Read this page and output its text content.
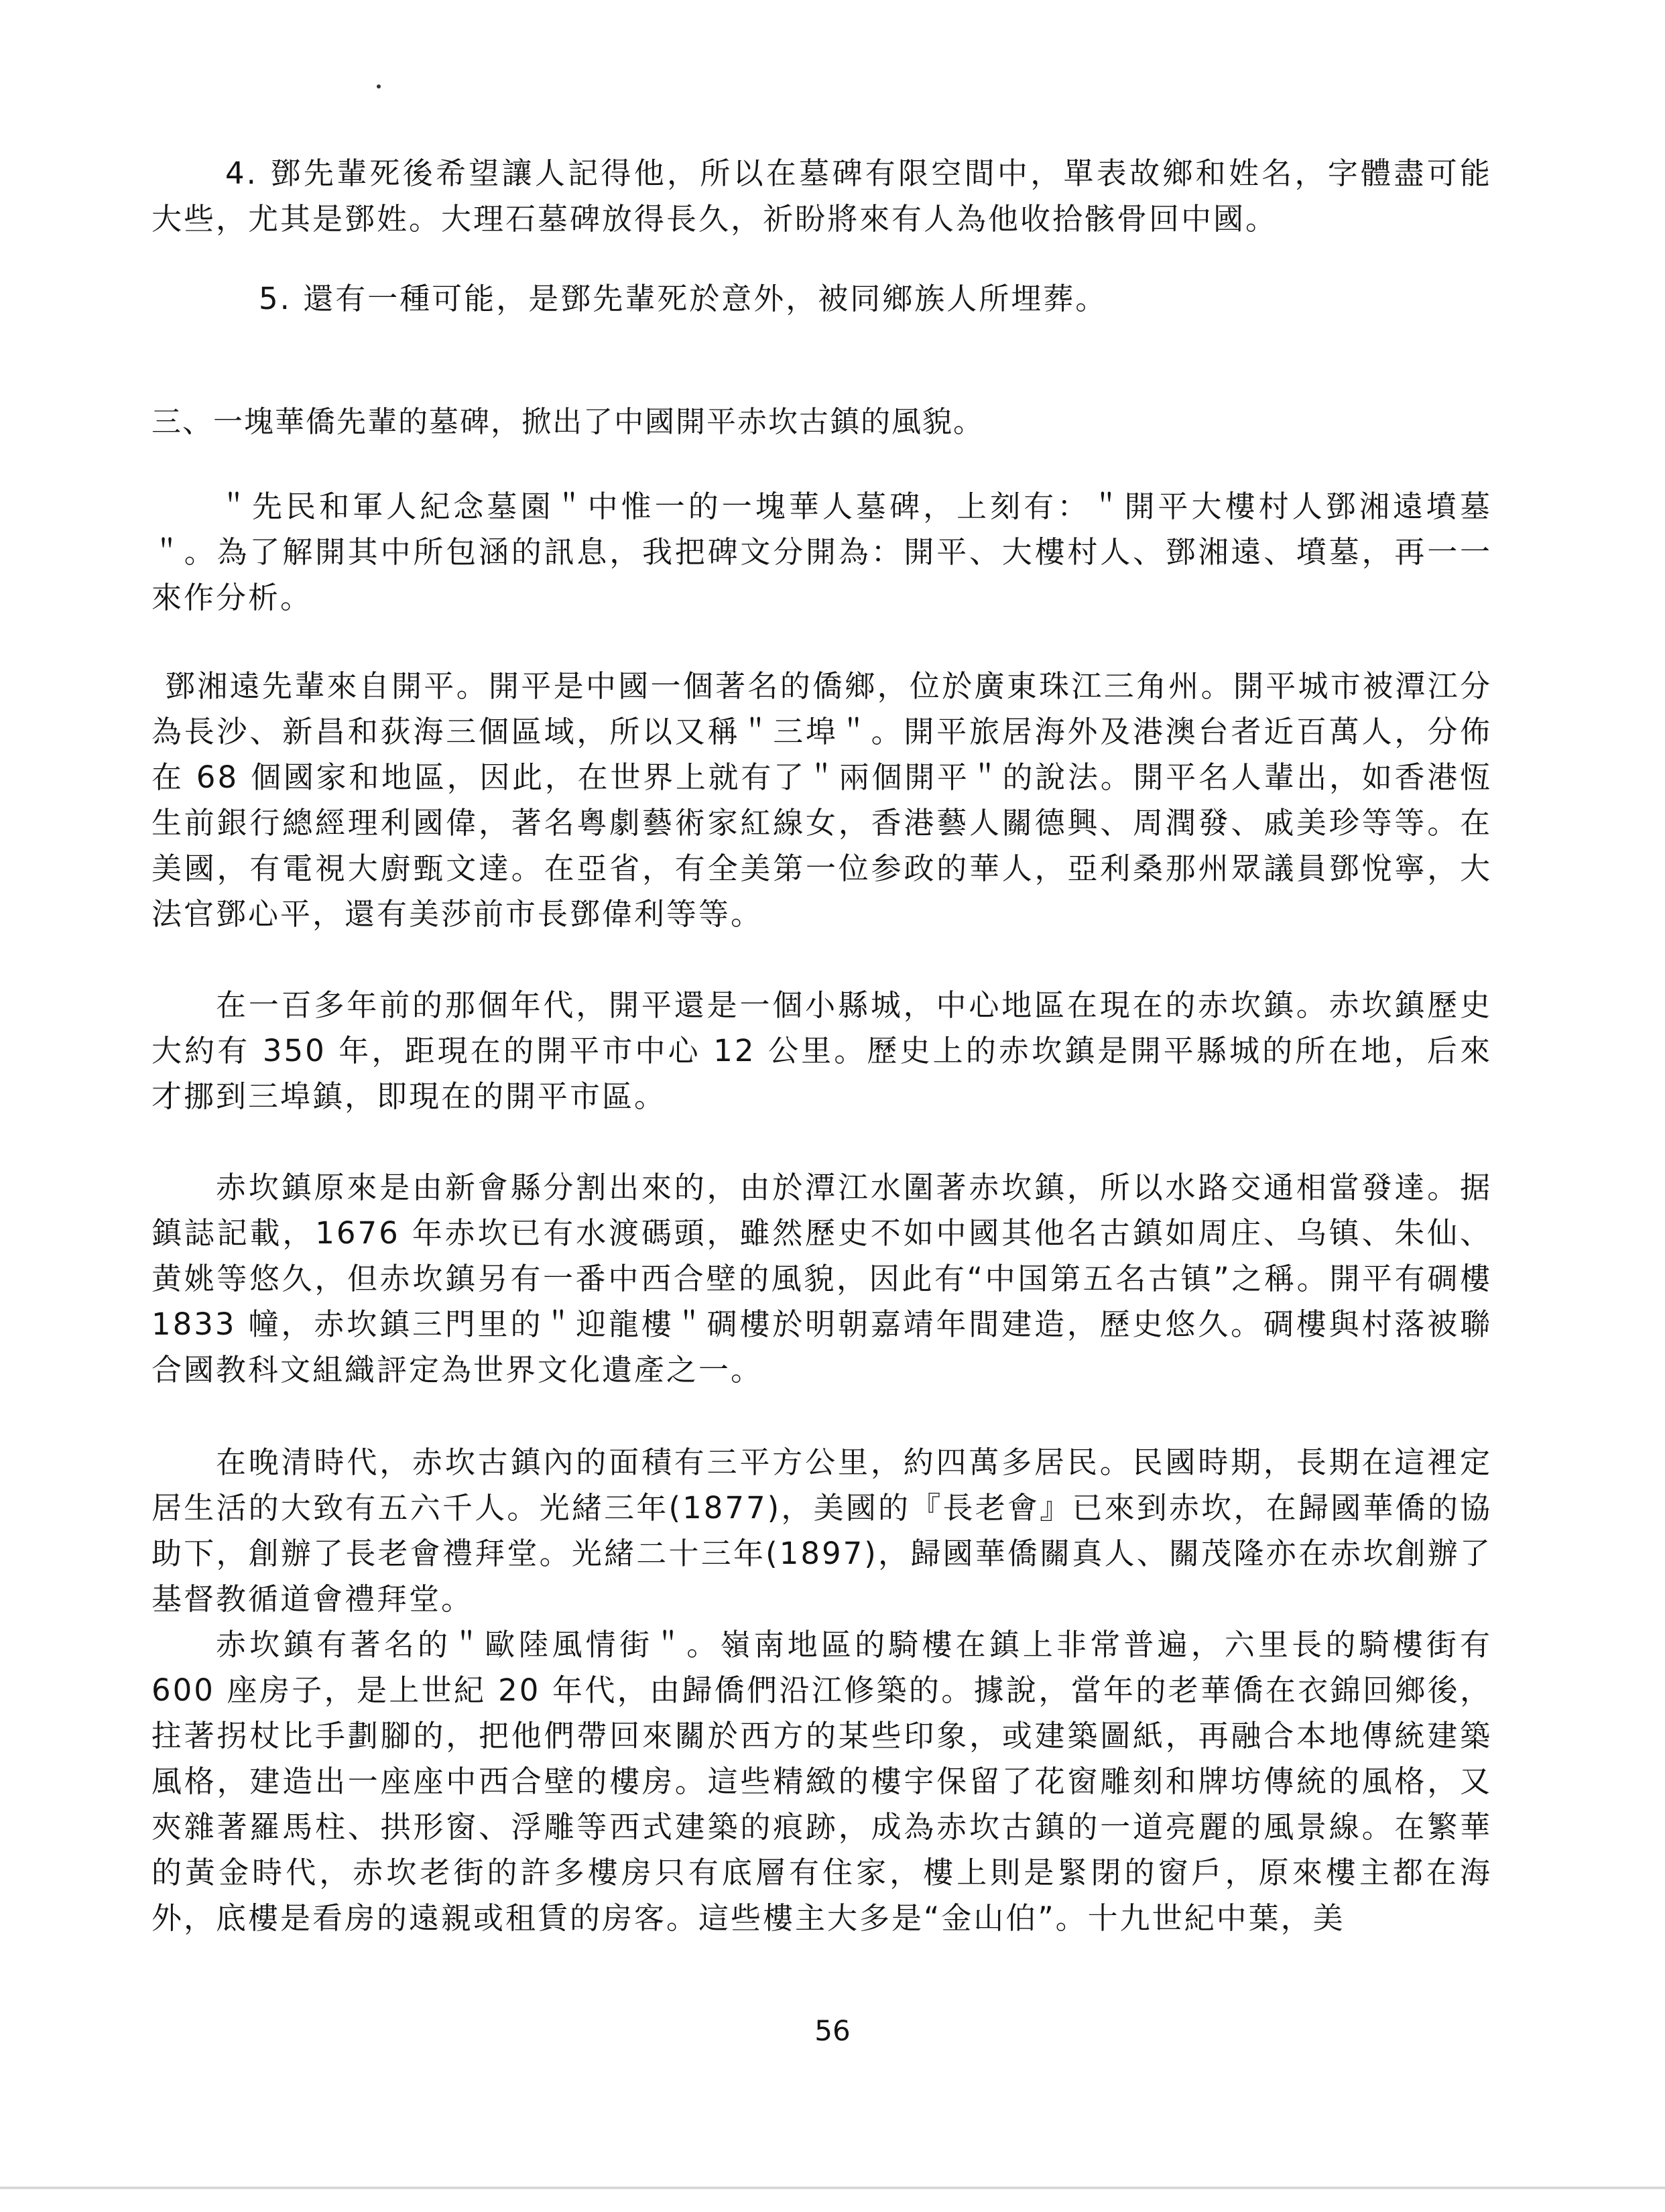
4. 鄧先輩死後希望讓人記得他，所以在墓碑有限空間中，單表故鄉和姓名，字體盡可能大些，尤其是鄧姓。大理石墓碑放得長久，祈盼將來有人為他收拾骸骨回中國。

5. 還有一種可能，是鄧先輩死於意外，被同鄉族人所埋葬。

三、一塊華僑先輩的墓碑，掀出了中國開平赤坎古鎮的風貌。

＂先民和軍人紀念墓園＂中惟一的一塊華人墓碑，上刻有：＂開平大樓村人鄧湘遠墳墓＂。為了解開其中所包涵的訊息，我把碑文分開為：開平、大樓村人、鄧湘遠、墳墓，再一一來作分析。

鄧湘遠先輩來自開平。開平是中國一個著名的僑鄉，位於廣東珠江三角州。開平城市被潭江分為長沙、新昌和荻海三個區域，所以又稱＂三埠＂。開平旅居海外及港澳台者近百萬人，分佈在 68 個國家和地區，因此，在世界上就有了＂兩個開平＂的說法。開平名人輩出，如香港恆生前銀行總經理利國偉，著名粵劇藝術家紅線女，香港藝人關德興、周潤發、戚美珍等等。在美國，有電視大廚甄文達。在亞省，有全美第一位参政的華人，亞利桑那州眾議員鄧悅寧，大法官鄧心平，還有美莎前市長鄧偉利等等。

在一百多年前的那個年代，開平還是一個小縣城，中心地區在現在的赤坎鎮。赤坎鎮歷史大約有 350 年，距現在的開平市中心 12 公里。歷史上的赤坎鎮是開平縣城的所在地，后來才挪到三埠鎮，即現在的開平市區。

赤坎鎮原來是由新會縣分割出來的，由於潭江水圍著赤坎鎮，所以水路交通相當發達。据鎮誌記載，1676 年赤坎已有水渡碼頭，雖然歷史不如中國其他名古鎮如周庄、乌镇、朱仙、黄姚等悠久，但赤坎鎮另有一番中西合壁的風貌，因此有“中国第五名古镇”之稱。開平有碉樓 1833 幢，赤坎鎮三門里的＂迎龍樓＂碉樓於明朝嘉靖年間建造，歷史悠久。碉樓與村落被聯合國教科文組織評定為世界文化遺產之一。

在晚清時代，赤坎古鎮內的面積有三平方公里，約四萬多居民。民國時期，長期在這裡定居生活的大致有五六千人。光緒三年(1877)，美國的『長老會』已來到赤坎，在歸國華僑的協助下，創辦了長老會禮拜堂。光緒二十三年(1897)，歸國華僑關真人、關茂隆亦在赤坎創辦了基督教循道會禮拜堂。

赤坎鎮有著名的＂歐陸風情街＂。嶺南地區的騎樓在鎮上非常普遍，六里長的騎樓街有 600 座房子，是上世紀 20 年代，由歸僑們沿江修築的。據說，當年的老華僑在衣錦回鄉後，拄著拐杖比手劃腳的，把他們帶回來關於西方的某些印象，或建築圖紙，再融合本地傳統建築風格，建造出一座座中西合壁的樓房。這些精緻的樓宇保留了花窗雕刻和牌坊傳統的風格，又夾雜著羅馬柱、拱形窗、浮雕等西式建築的痕跡，成為赤坎古鎮的一道亮麗的風景線。在繁華的黃金時代，赤坎老街的許多樓房只有底層有住家，樓上則是緊閉的窗戶，原來樓主都在海外，底樓是看房的遠親或租賃的房客。這些樓主大多是“金山伯”。十九世紀中葉，美

56
